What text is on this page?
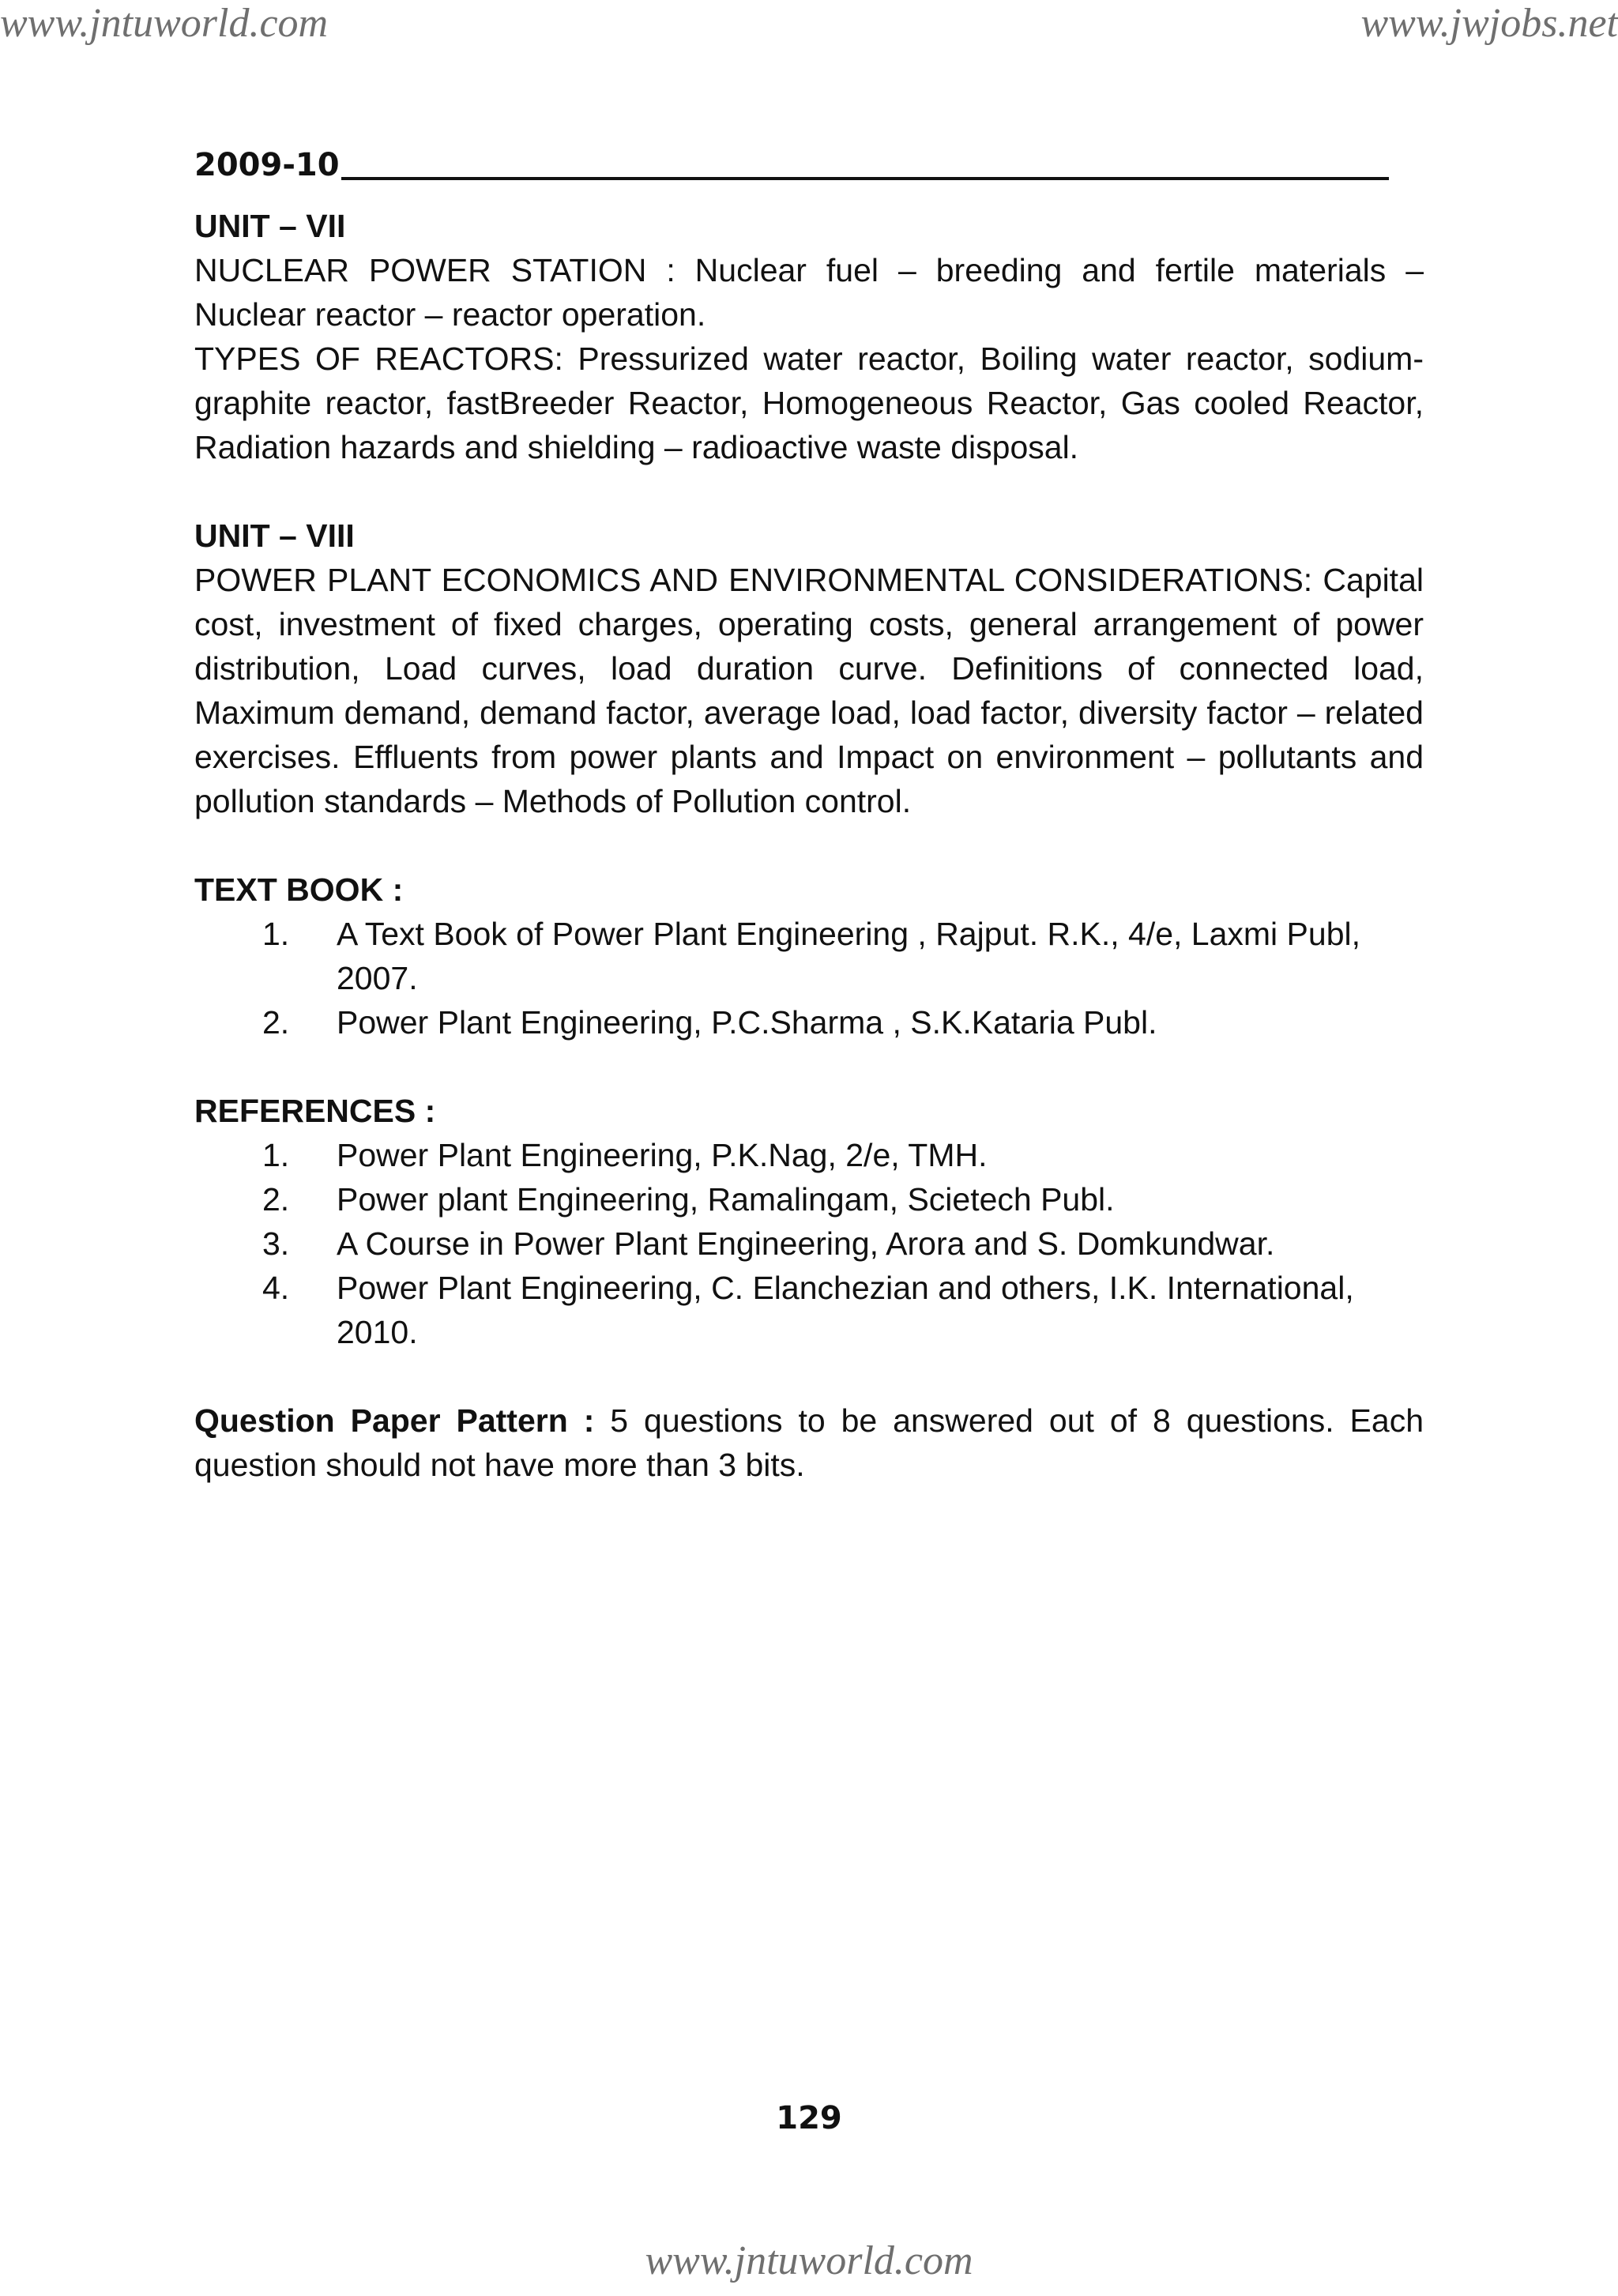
www.jntuworld.com	www.jwjobs.net
2009-10
UNIT – VII

NUCLEAR POWER STATION : Nuclear fuel – breeding and fertile materials – Nuclear reactor – reactor operation.

TYPES OF REACTORS: Pressurized water reactor, Boiling water reactor, sodium-graphite reactor, fastBreeder Reactor, Homogeneous Reactor, Gas cooled Reactor, Radiation hazards and shielding – radioactive waste disposal.

UNIT – VIII

POWER PLANT ECONOMICS AND ENVIRONMENTAL CONSIDERATIONS: Capital cost, investment of fixed charges, operating costs, general arrangement of power distribution, Load curves, load duration curve. Definitions of connected load, Maximum demand, demand factor, average load, load factor, diversity factor – related exercises. Effluents from power plants and Impact on environment – pollutants and pollution standards – Methods of Pollution control.

TEXT BOOK :
1.	A Text Book of Power Plant Engineering , Rajput. R.K., 4/e, Laxmi Publ, 2007.
2.	Power Plant Engineering, P.C.Sharma , S.K.Kataria Publ.
REFERENCES :
1.	Power Plant Engineering, P.K.Nag, 2/e, TMH.
2.	Power plant Engineering, Ramalingam, Scietech Publ.
3.	A Course in Power Plant Engineering, Arora and S. Domkundwar.
4.	Power Plant Engineering, C. Elanchezian and others, I.K. International, 2010.

Question Paper Pattern : 5 questions to be answered out of 8 questions. Each question should not have more than 3 bits.

129
www.jntuworld.com
